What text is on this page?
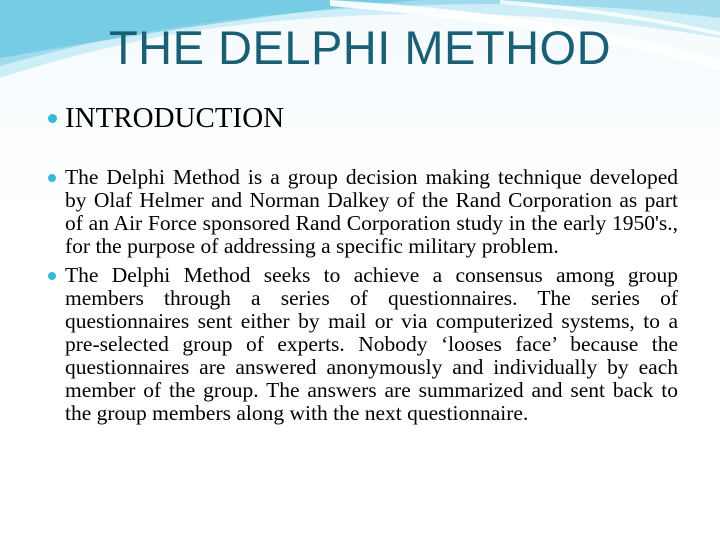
THE DELPHI METHOD
INTRODUCTION
The Delphi Method is a group decision making technique developed by Olaf Helmer and Norman Dalkey of the Rand Corporation as part of an Air Force sponsored Rand Corporation study in the early 1950's., for the purpose of addressing a specific military problem.
The Delphi Method seeks to achieve a consensus among group members through a series of questionnaires. The series of questionnaires sent either by mail or via computerized systems, to a pre-selected group of experts. Nobody ‘looses face’ because the questionnaires are answered anonymously and individually by each member of the group. The answers are summarized and sent back to the group members along with the next questionnaire.
